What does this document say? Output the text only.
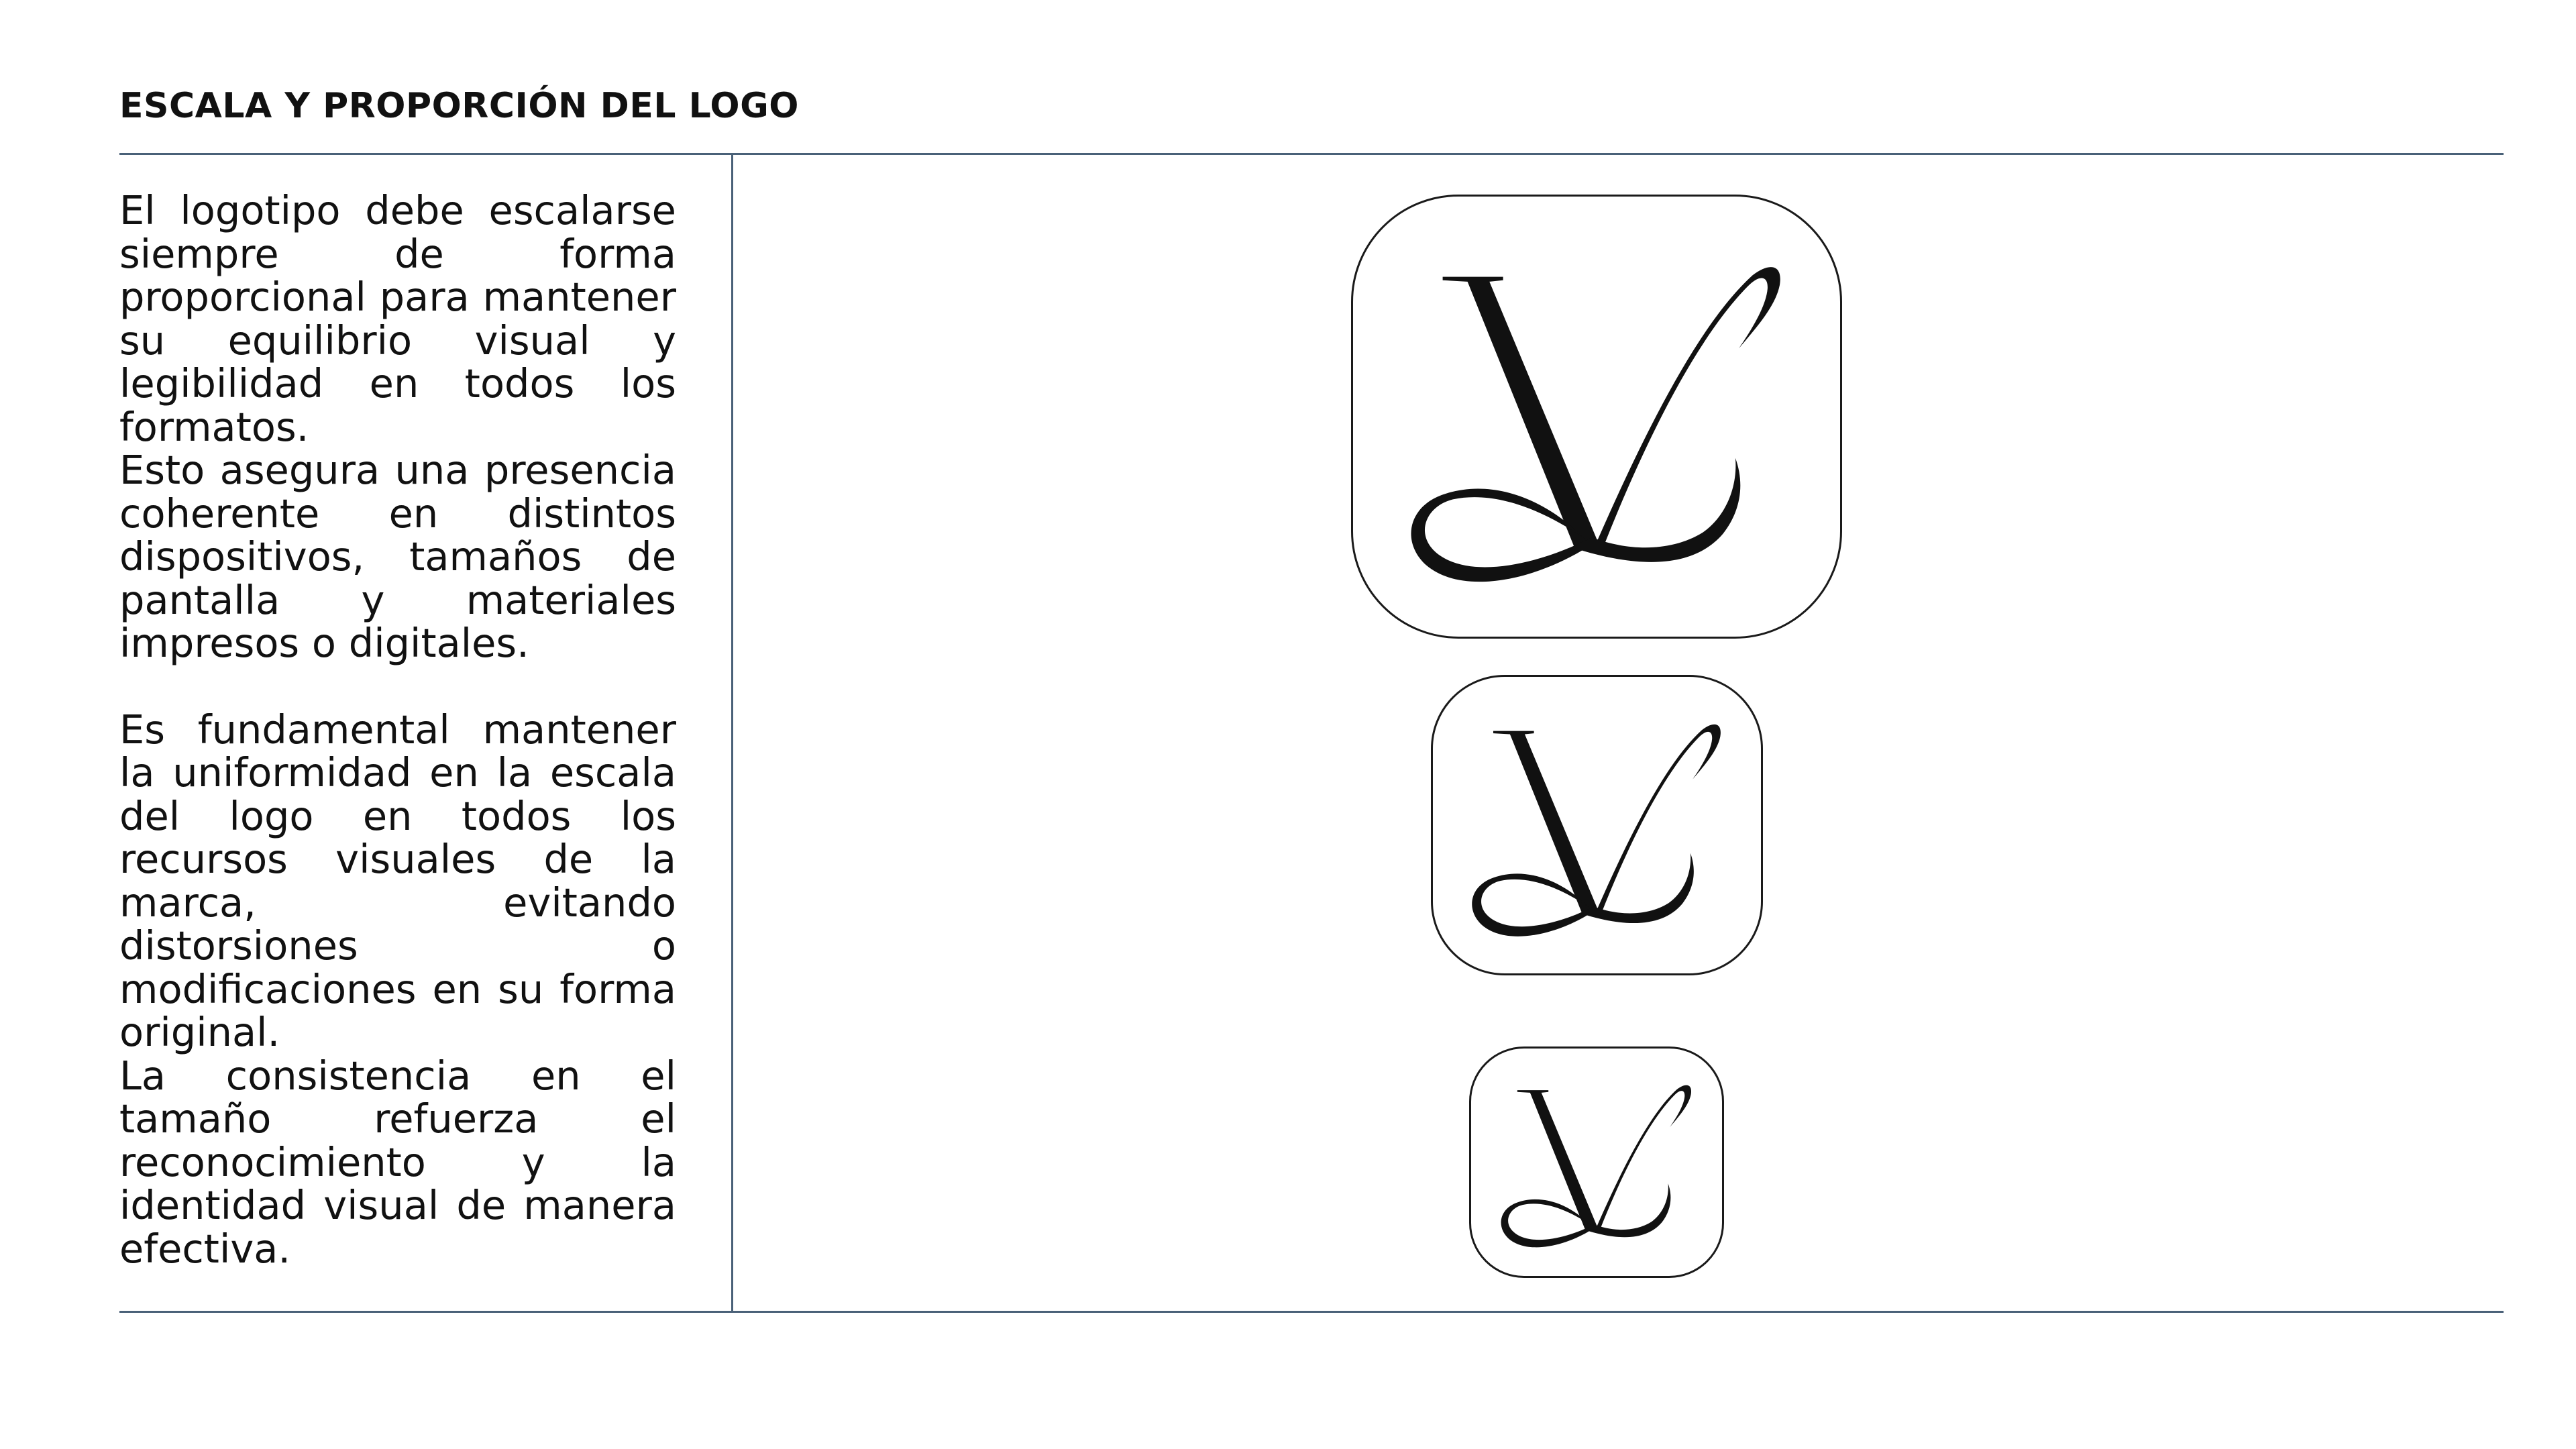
ESCALA Y PROPORCIÓN DEL LOGO

El logotipo debe escalarse siempre de forma proporcional para mantener su equilibrio visual y legibilidad en todos los formatos.

Esto asegura una presencia coherente en distintos dispositivos, tamaños de pantalla y materiales impresos o digitales.

Es fundamental mantener la uniformidad en la escala del logo en todos los recursos visuales de la marca, evitando distorsiones o modificaciones en su forma original.

La consistencia en el tamaño refuerza el reconocimiento y la identidad visual de manera efectiva.
